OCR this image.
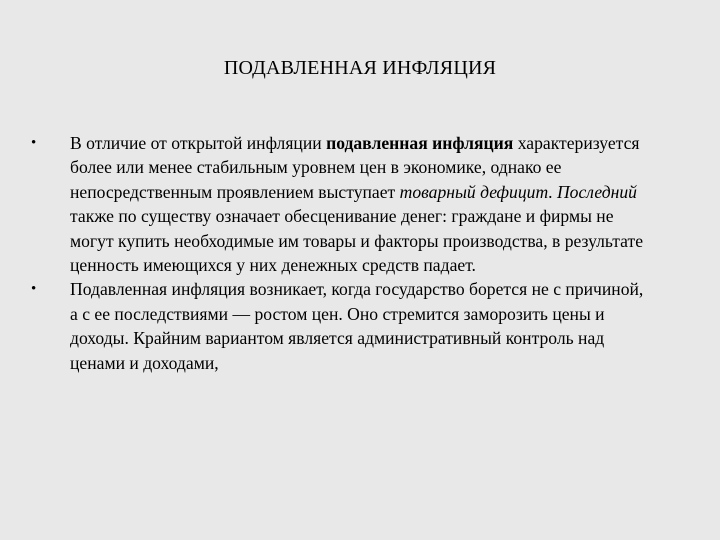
ПОДАВЛЕННАЯ ИНФЛЯЦИЯ
• В отличие от открытой инфляции подавленная инфляция характеризуется более или менее стабильным уровнем цен в экономике, однако ее непосредственным проявлением выступает товарный дефицит. Последний также по существу означает обесценивание денег: граждане и фирмы не могут купить необходимые им товары и факторы производства, в результате ценность имеющихся у них денежных средств падает.
• Подавленная инфляция возникает, когда государство борется не с причиной, а с ее последствиями — ростом цен. Оно стремится заморозить цены и доходы. Крайним вариантом является административный контроль над ценами и доходами,
